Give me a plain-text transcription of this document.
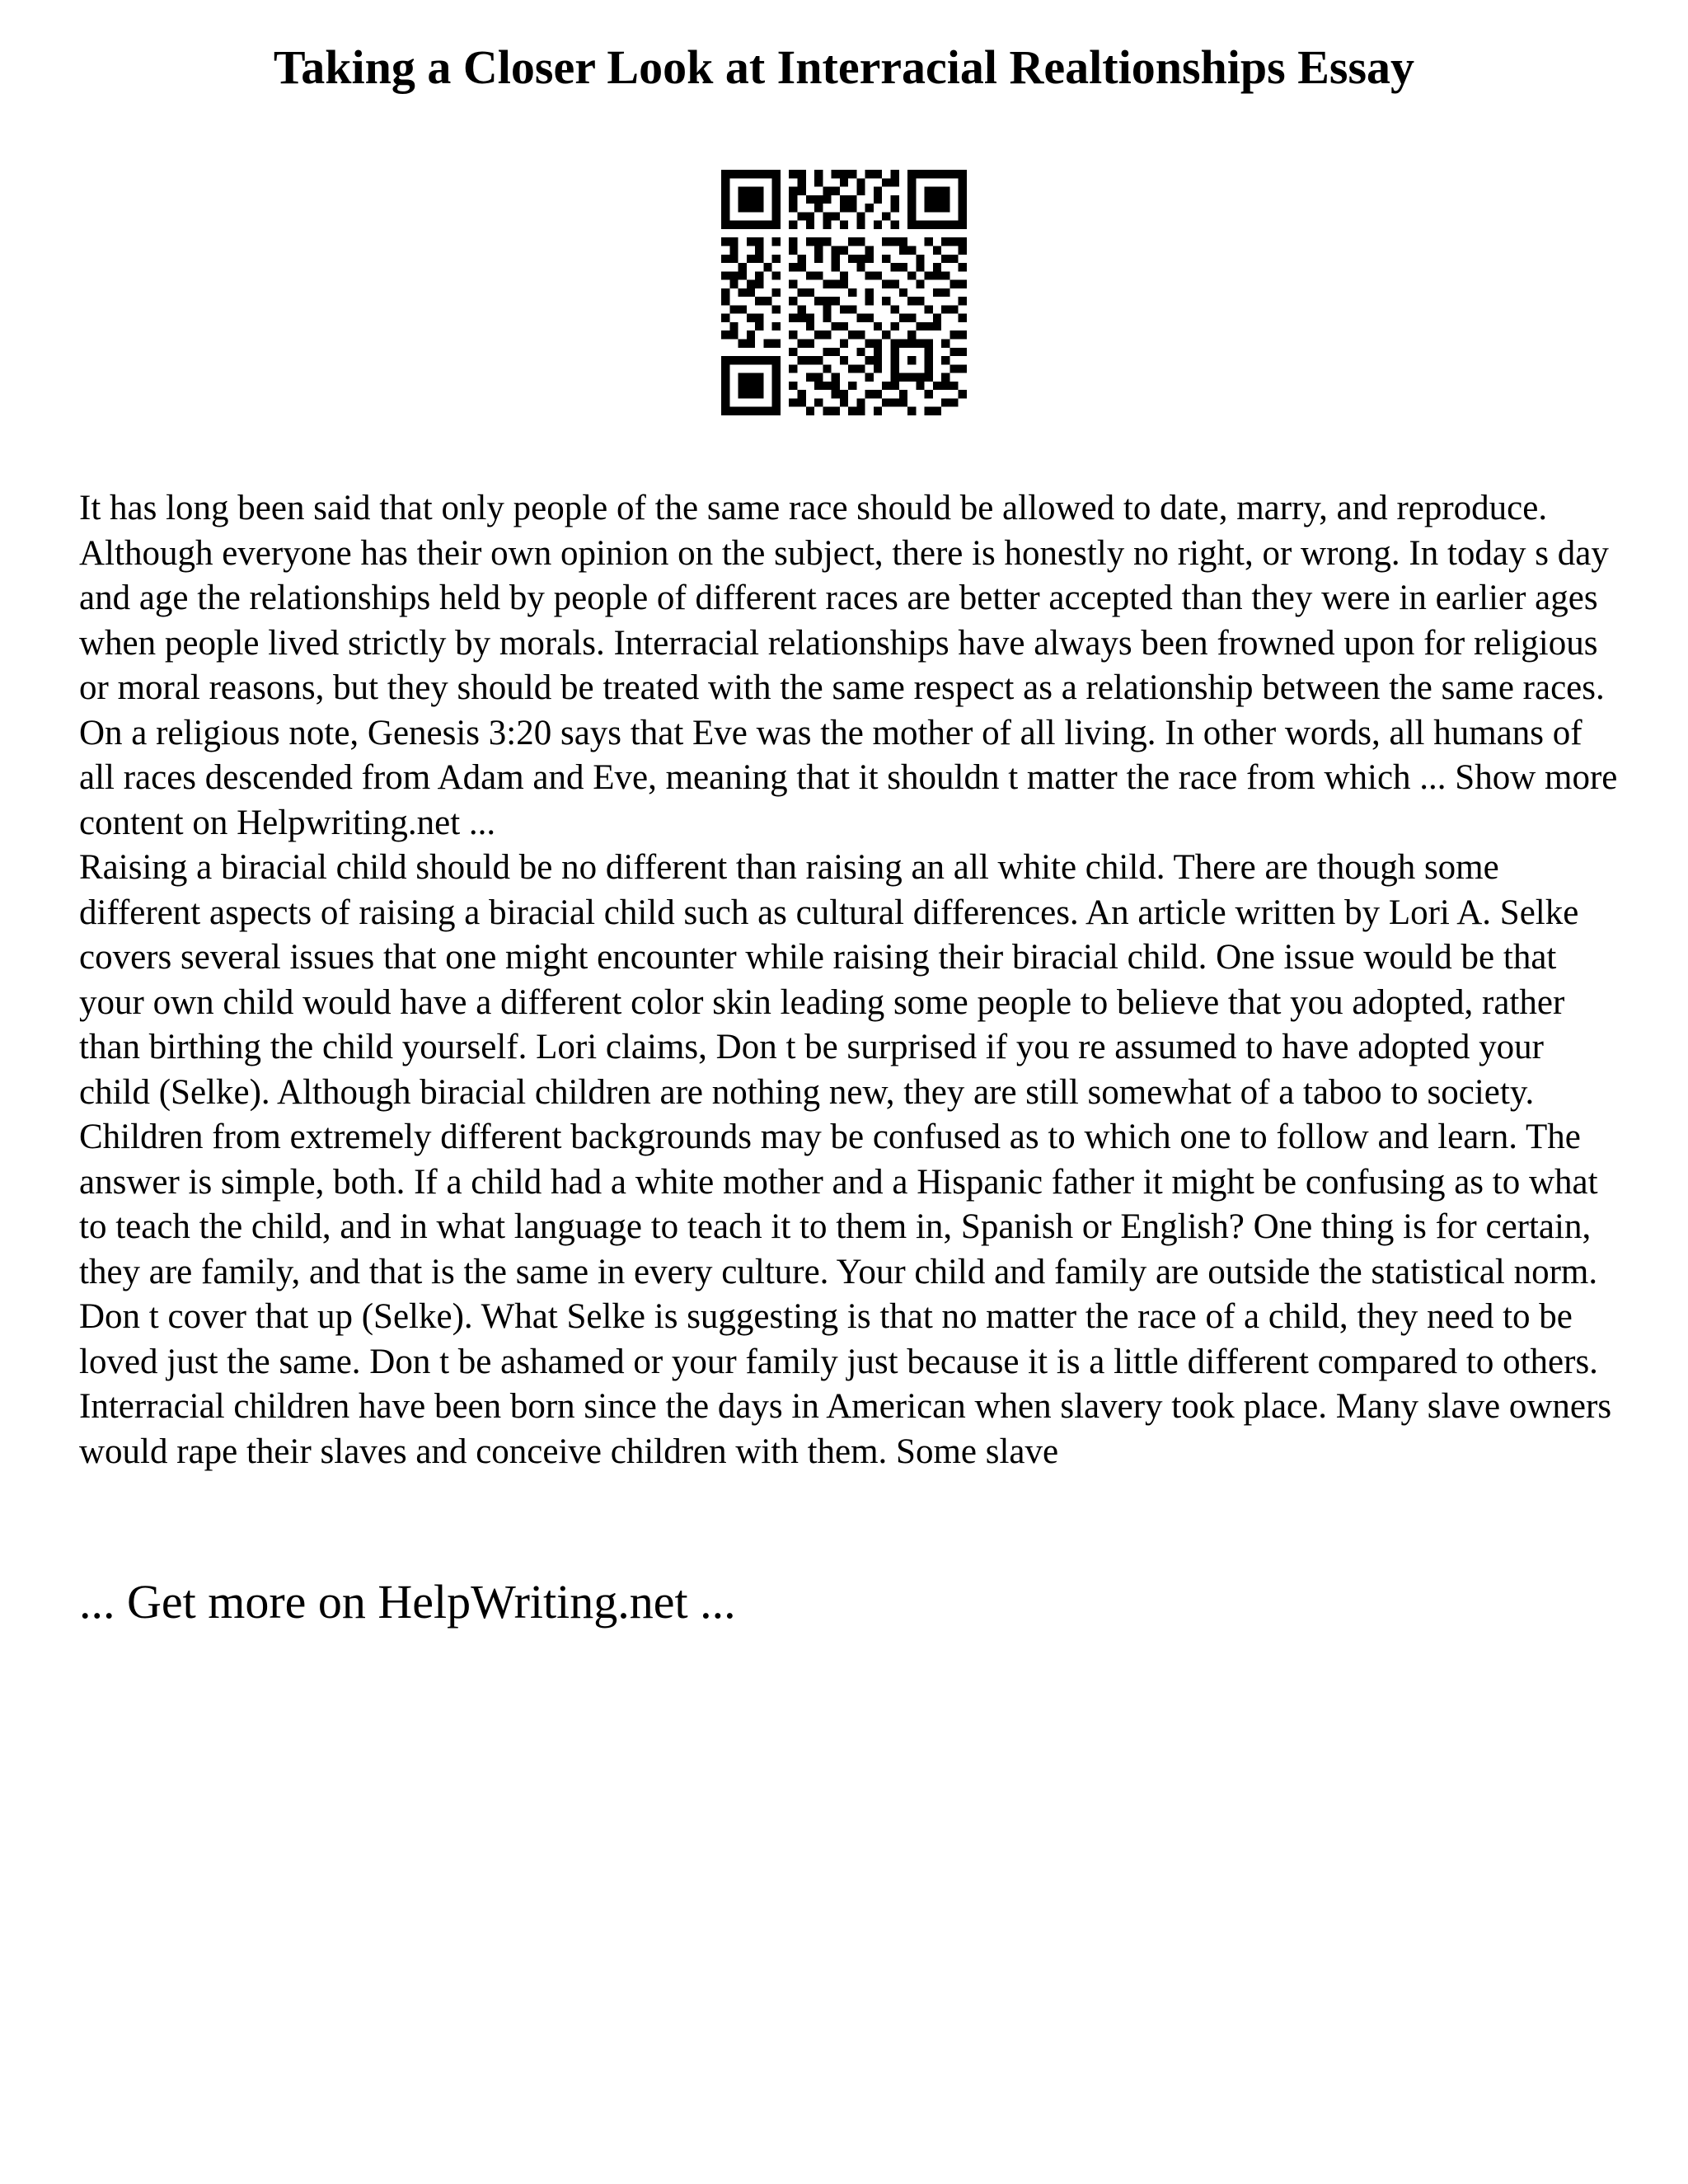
Taking a Closer Look at Interracial Realtionships Essay

It has long been said that only people of the same race should be allowed to date, marry, and reproduce. Although everyone has their own opinion on the subject, there is honestly no right, or wrong. In today s day and age the relationships held by people of different races are better accepted than they were in earlier ages when people lived strictly by morals. Interracial relationships have always been frowned upon for religious or moral reasons, but they should be treated with the same respect as a relationship between the same races.

On a religious note, Genesis 3:20 says that Eve was the mother of all living. In other words, all humans of all races descended from Adam and Eve, meaning that it shouldn t matter the race from which ... Show more content on Helpwriting.net ...

Raising a biracial child should be no different than raising an all white child. There are though some different aspects of raising a biracial child such as cultural differences. An article written by Lori A. Selke covers several issues that one might encounter while raising their biracial child. One issue would be that your own child would have a different color skin leading some people to believe that you adopted, rather than birthing the child yourself. Lori claims, Don t be surprised if you re assumed to have adopted your child (Selke). Although biracial children are nothing new, they are still somewhat of a taboo to society. Children from extremely different backgrounds may be confused as to which one to follow and learn. The answer is simple, both. If a child had a white mother and a Hispanic father it might be confusing as to what to teach the child, and in what language to teach it to them in, Spanish or English? One thing is for certain, they are family, and that is the same in every culture. Your child and family are outside the statistical norm. Don t cover that up (Selke). What Selke is suggesting is that no matter the race of a child, they need to be loved just the same. Don t be ashamed or your family just because it is a little different compared to others.

Interracial children have been born since the days in American when slavery took place. Many slave owners would rape their slaves and conceive children with them. Some slave

... Get more on HelpWriting.net ...
